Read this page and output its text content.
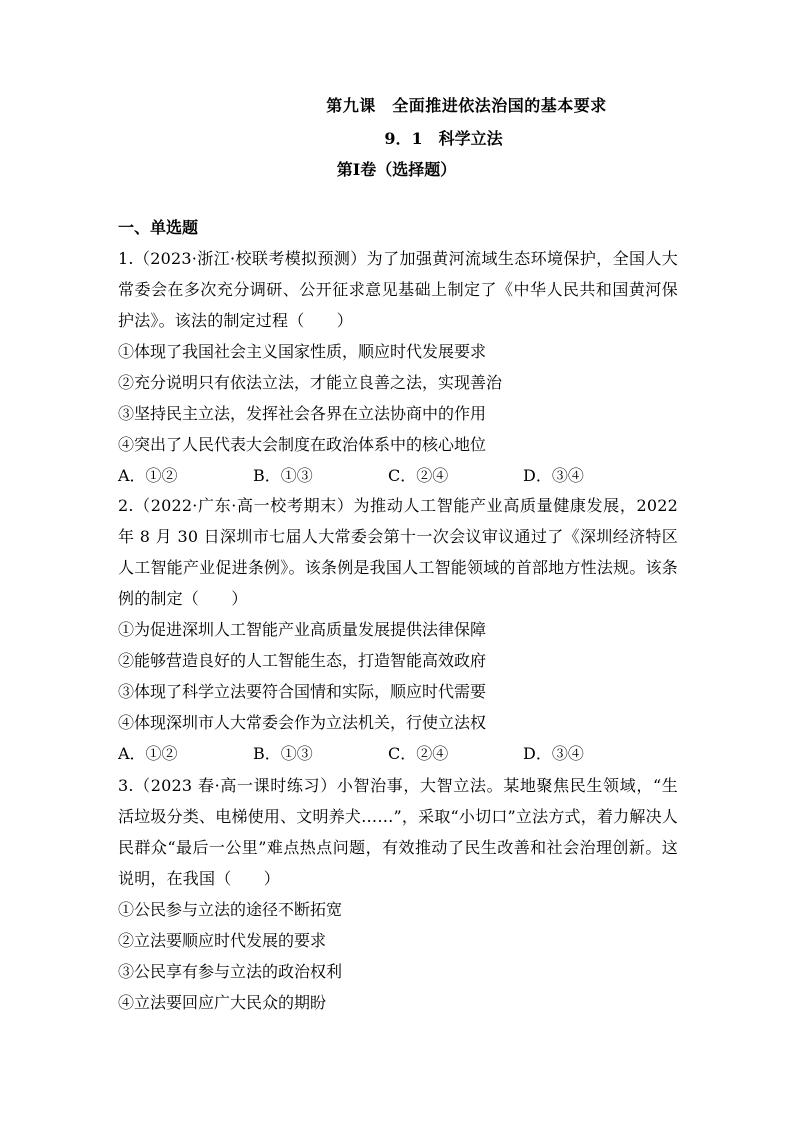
第九课　全面推进依法治国的基本要求
9．1　科学立法
第I卷（选择题）
一、单选题
1.（2023·浙江·校联考模拟预测）为了加强黄河流域生态环境保护，全国人大常委会在多次充分调研、公开征求意见基础上制定了《中华人民共和国黄河保护法》。该法的制定过程（　　）
①体现了我国社会主义国家性质，顺应时代发展要求
②充分说明只有依法立法，才能立良善之法，实现善治
③坚持民主立法，发挥社会各界在立法协商中的作用
④突出了人民代表大会制度在政治体系中的核心地位
A．①②	B．①③	C．②④	D．③④
2.（2022·广东·高一校考期末）为推动人工智能产业高质量健康发展，2022 年 8 月 30 日深圳市七届人大常委会第十一次会议审议通过了《深圳经济特区人工智能产业促进条例》。该条例是我国人工智能领域的首部地方性法规。该条例的制定（　　）
①为促进深圳人工智能产业高质量发展提供法律保障
②能够营造良好的人工智能生态，打造智能高效政府
③体现了科学立法要符合国情和实际，顺应时代需要
④体现深圳市人大常委会作为立法机关，行使立法权
A．①②	B．①③	C．②④	D．③④
3.（2023 春·高一课时练习）小智治事，大智立法。某地聚焦民生领域，“生活垃圾分类、电梯使用、文明养犬……”，采取“小切口”立法方式，着力解决人民群众“最后一公里”难点热点问题，有效推动了民生改善和社会治理创新。这说明，在我国（　　）
①公民参与立法的途径不断拓宽
②立法要顺应时代发展的要求
③公民享有参与立法的政治权利
④立法要回应广大民众的期盼
